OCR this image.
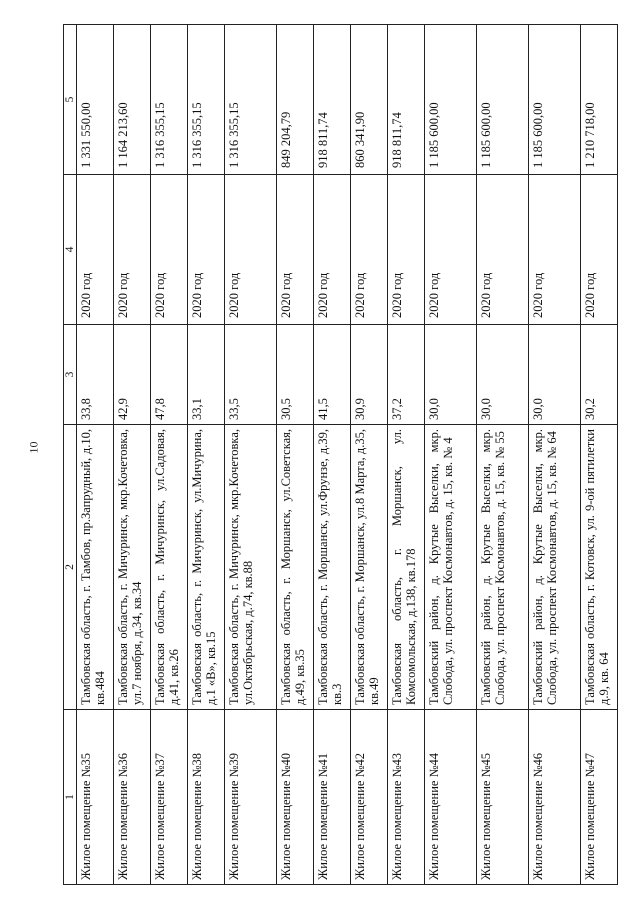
10
1	2	3	4	5
Жилое помещение №35	Тамбовская область, г. Тамбов, пр.Запрудный, д.10, кв.484	33,8	2020 год	1 331 550,00
Жилое помещение №36	Тамбовская область, г. Мичуринск, мкр.Кочетовка, ул.7 ноября, д.34, кв.34	42,9	2020 год	1 164 213,60
Жилое помещение №37	Тамбовская область, г. Мичуринск, ул.Садовая, д.41, кв.26	47,8	2020 год	1 316 355,15
Жилое помещение №38	Тамбовская область, г. Мичуринск, ул.Мичурина, д.1 «В», кв.15	33,1	2020 год	1 316 355,15
Жилое помещение №39	Тамбовская область, г. Мичуринск, мкр.Кочетовка, ул.Октябрьская, д.74, кв.88	33,5	2020 год	1 316 355,15
Жилое помещение №40	Тамбовская область, г. Моршанск, ул.Советская, д.49, кв.35	30,5	2020 год	849 204,79
Жилое помещение №41	Тамбовская область, г. Моршанск, ул.Фрунзе, д.39, кв.3	41,5	2020 год	918 811,74
Жилое помещение №42	Тамбовская область, г. Моршанск, ул.8 Марта, д.35, кв.49	30,9	2020 год	860 341,90
Жилое помещение №43	Тамбовская область, г. Моршанск, ул. Комсомольская, д.138, кв.178	37,2	2020 год	918 811,74
Жилое помещение №44	Тамбовский район, д. Крутые Выселки, мкр. Слобода, ул. проспект Космонавтов, д. 15, кв. № 4	30,0	2020 год	1 185 600,00
Жилое помещение №45	Тамбовский район, д. Крутые Выселки, мкр. Слобода, ул. проспект Космонавтов, д. 15, кв. № 55	30,0	2020 год	1 185 600,00
Жилое помещение №46	Тамбовский район, д. Крутые Выселки, мкр. Слобода, ул. проспект Космонавтов, д. 15, кв. № 64	30,0	2020 год	1 185 600,00
Жилое помещение №47	Тамбовская область, г. Котовск, ул. 9-ой пятилетки д.9, кв. 64	30,2	2020 год	1 210 718,00
